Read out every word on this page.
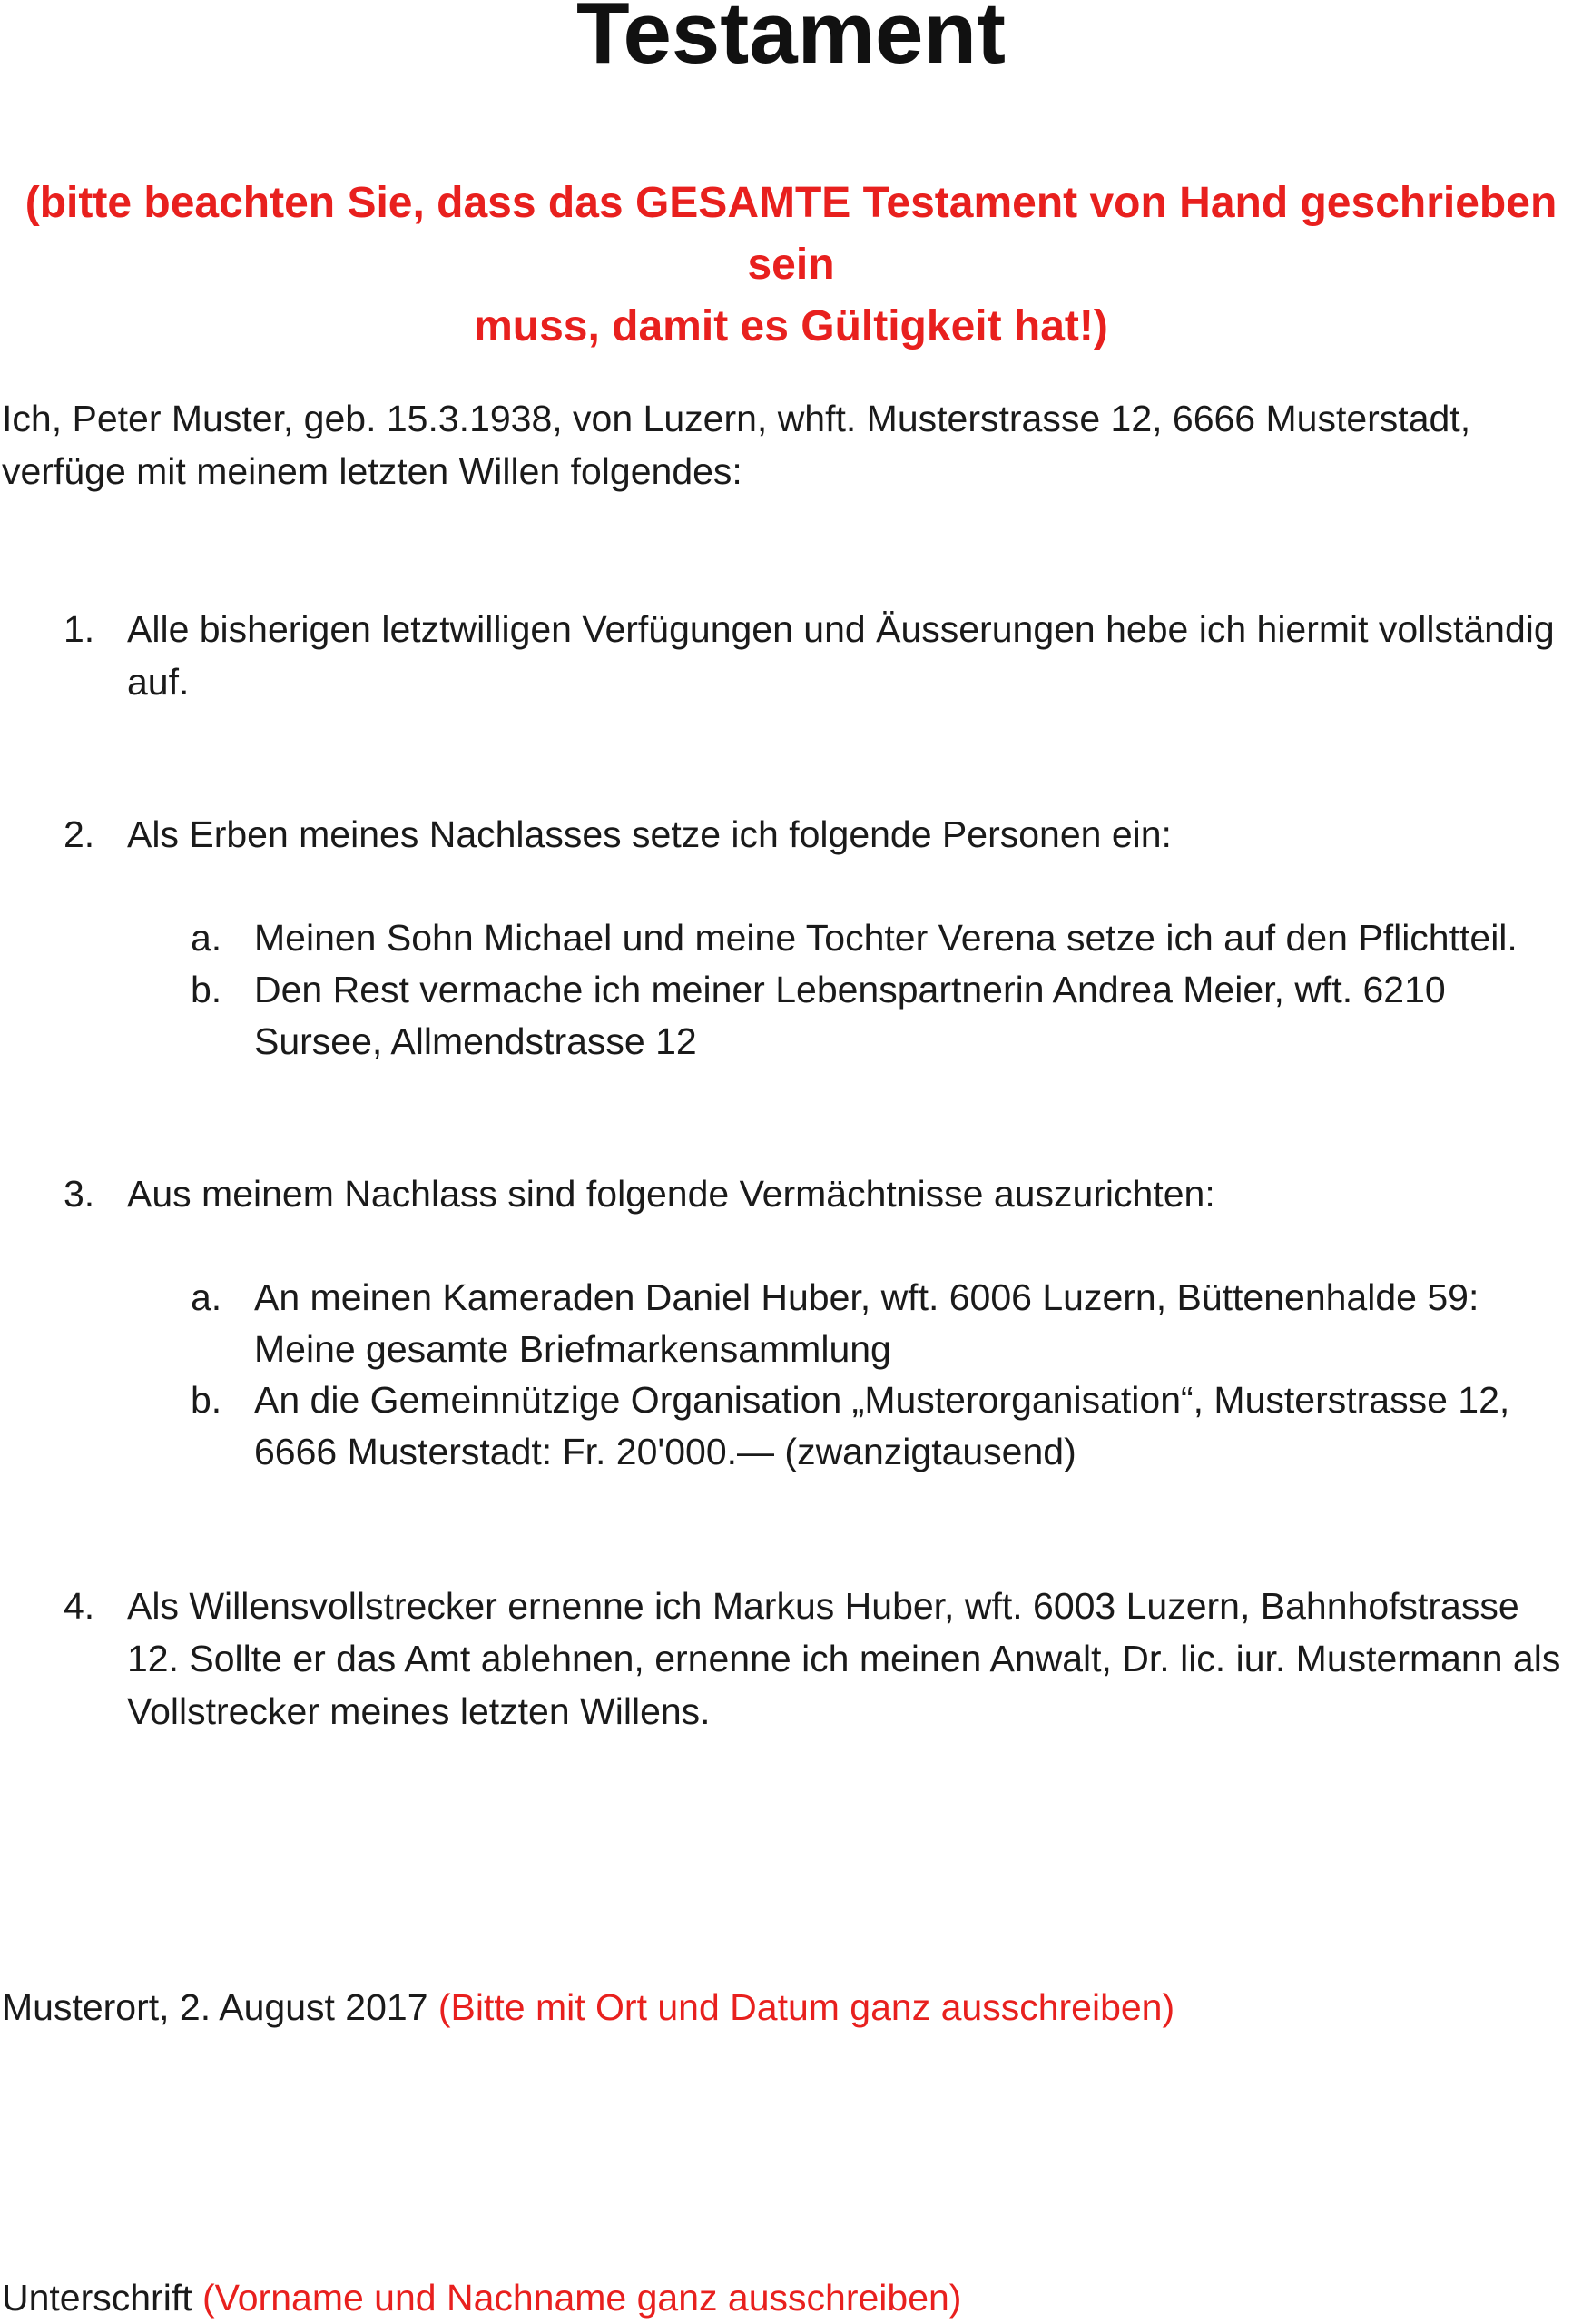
Testament
(bitte beachten Sie, dass das GESAMTE Testament von Hand geschrieben sein
muss, damit es Gültigkeit hat!)
Ich, Peter Muster, geb. 15.3.1938, von Luzern, whft. Musterstrasse 12, 6666 Musterstadt, verfüge mit meinem letzten Willen folgendes:
1. Alle bisherigen letztwilligen Verfügungen und Äusserungen hebe ich hiermit vollständig auf.
2. Als Erben meines Nachlasses setze ich folgende Personen ein:
a. Meinen Sohn Michael und meine Tochter Verena setze ich auf den Pflichtteil.
b. Den Rest vermache ich meiner Lebenspartnerin Andrea Meier, wft. 6210 Sursee, Allmendstrasse 12
3. Aus meinem Nachlass sind folgende Vermächtnisse auszurichten:
a. An meinen Kameraden Daniel Huber, wft. 6006 Luzern, Büttenenhalde 59: Meine gesamte Briefmarkensammlung
b. An die Gemeinnützige Organisation „Musterorganisation“, Musterstrasse 12, 6666 Musterstadt: Fr. 20'000.— (zwanzigtausend)
4. Als Willensvollstrecker ernenne ich Markus Huber, wft. 6003 Luzern, Bahnhofstrasse 12. Sollte er das Amt ablehnen, ernenne ich meinen Anwalt, Dr. lic. iur. Mustermann als Vollstrecker meines letzten Willens.
Musterort, 2. August 2017 (Bitte mit Ort und Datum ganz ausschreiben)
Unterschrift (Vorname und Nachname ganz ausschreiben)
